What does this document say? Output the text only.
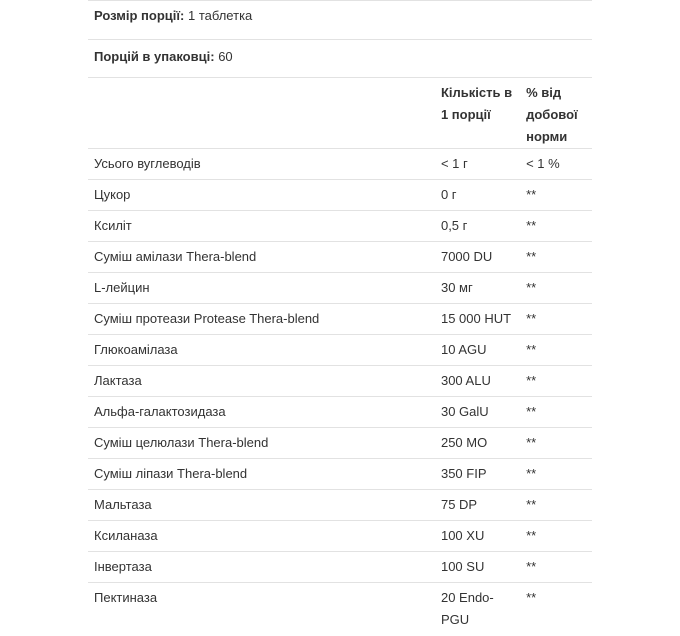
Розмір порції: 1 таблетка		
Порцій в упаковці: 60		
	Кількість в 1 порції	% від добової норми
Усього вуглеводів	< 1 г	< 1 %
Цукор	0 г	**
Ксиліт	0,5 г	**
Суміш амілази Thera-blend	7000 DU	**
L-лейцин	30 мг	**
Суміш протеази Protease Thera-blend	15 000 HUT	**
Глюкоамілаза	10 AGU	**
Лактаза	300 ALU	**
Альфа-галактозидаза	30 GalU	**
Суміш целюлази Thera-blend	250 МО	**
Суміш ліпази Thera-blend	350 FIP	**
Мальтаза	75 DP	**
Ксиланаза	100 XU	**
Інвертаза	100 SU	**
Пектиназа	20 Endo-PGU	**
